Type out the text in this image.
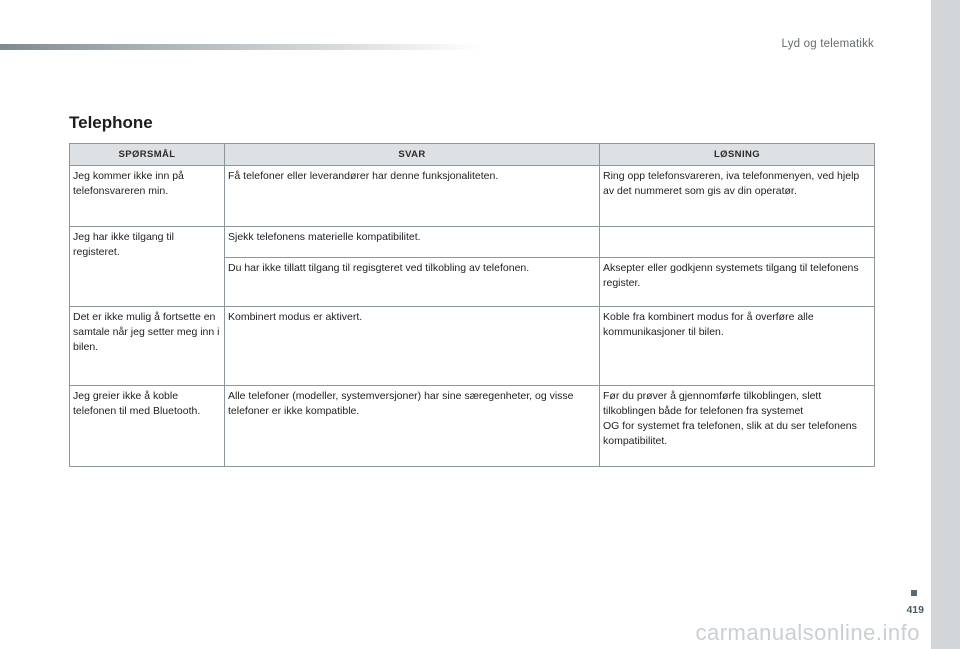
Lyd og telematikk
Telephone
SPØRSMÅL	SVAR	LØSNING
Jeg kommer ikke inn på telefonsvareren min.	Få telefoner eller leverandører har denne funksjonaliteten.	Ring opp telefonsvareren, iva telefonmenyen, ved hjelp av det nummeret som gis av din operatør.
Jeg har ikke tilgang til registeret.	Sjekk telefonens materielle kompatibilitet.	
	Du har ikke tillatt tilgang til regisgteret ved tilkobling av telefonen.	Aksepter eller godkjenn systemets tilgang til telefonens register.
Det er ikke mulig å fortsette en samtale når jeg setter meg inn i bilen.	Kombinert modus er aktivert.	Koble fra kombinert modus for å overføre alle kommunikasjoner til bilen.
Jeg greier ikke å koble telefonen til med Bluetooth.	Alle telefoner (modeller, systemversjoner) har sine særegenheter, og visse telefoner er ikke kompatible.	Før du prøver å gjennomførfe tilkoblingen, slett tilkoblingen både for telefonen fra systemet
OG for systemet fra telefonen, slik at du ser telefonens kompatibilitet.
419
carmanualsonline.info
